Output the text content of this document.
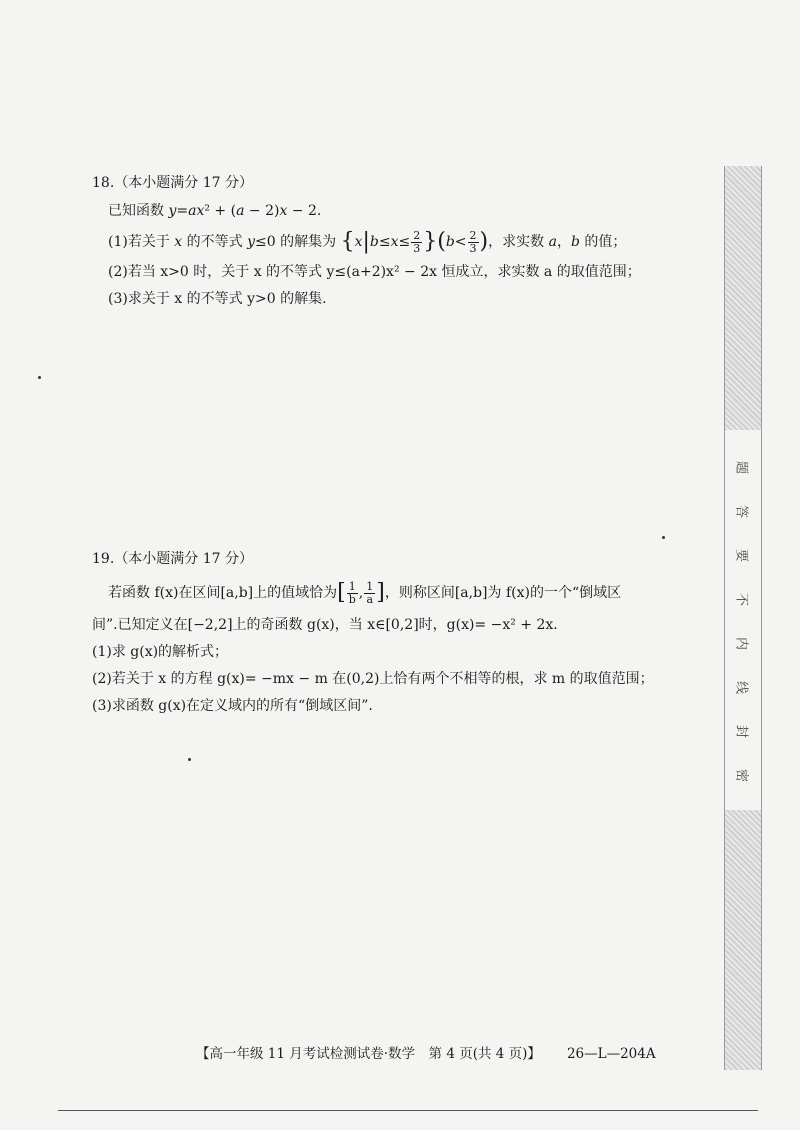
18.（本小题满分 17 分）
已知函数 y=ax² + (a − 2)x − 2.
(1)若关于 x 的不等式 y≤0 的解集为 $\{x|b\le x\le \frac{2}{3} \}(b< \frac{2}{3}$ )，求实数 a，b 的值；
(2)若当 x>0 时，关于 x 的不等式 y≤(a+2)x² − 2x 恒成立，求实数 a 的取值范围；
(3)求关于 x 的不等式 y>0 的解集.
19.（本小题满分 17 分）
若函数 f(x)在区间[a,b]上的值域恰为[ $\frac{1}{b}$ , $\frac{1}{a}$ ]，则称区间[a,b]为 f(x)的一个“倒域区
间”.已知定义在[−2,2]上的奇函数 g(x)，当 x∈[0,2]时，g(x)= −x² + 2x.
(1)求 g(x)的解析式；
(2)若关于 x 的方程 g(x)= −mx − m 在(0,2)上恰有两个不相等的根，求 m 的取值范围；
(3)求函数 g(x)在定义域内的所有“倒域区间”.
题
答
要
不
内
线
封
密
【高一年级 11 月考试检测试卷·数学　第 4 页(共 4 页)】 26—L—204A
